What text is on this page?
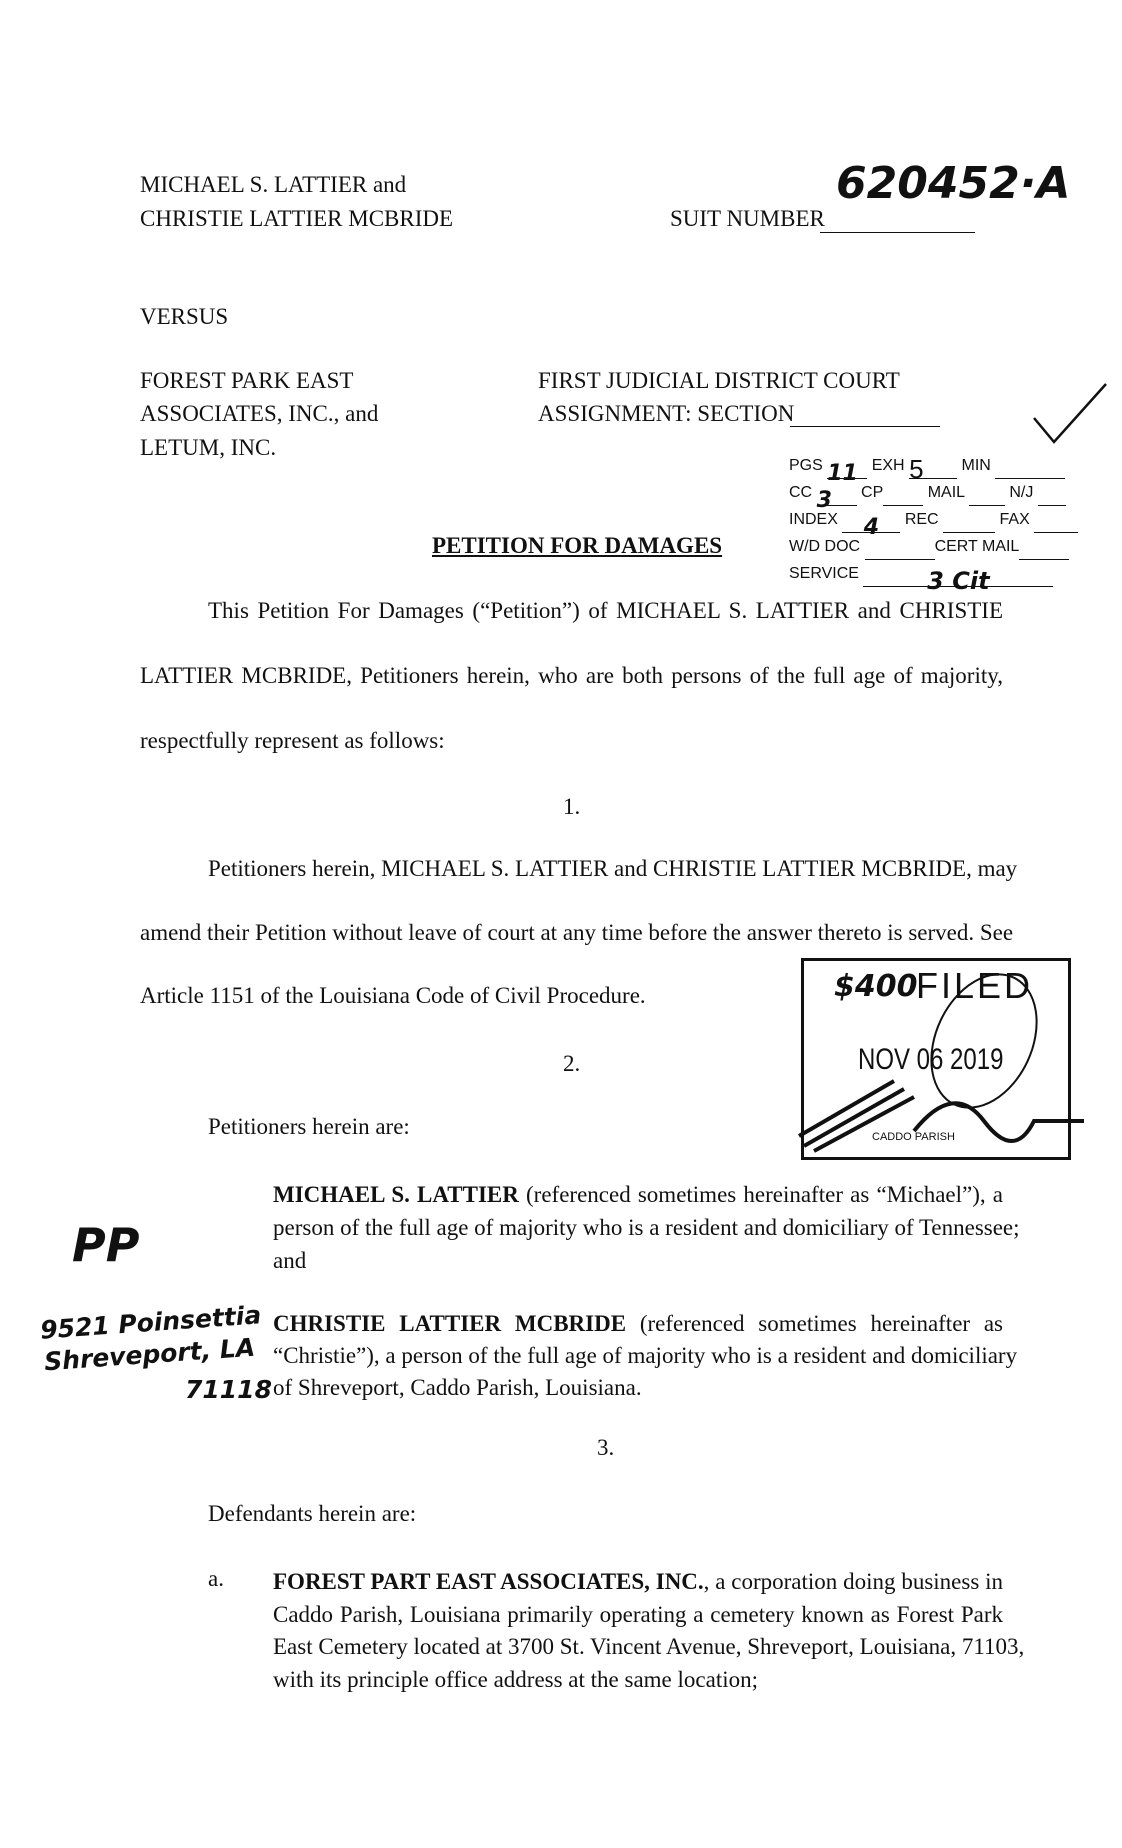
MICHAEL S. LATTIER and
CHRISTIE LATTIER MCBRIDE	SUIT NUMBER
620452·A
VERSUS
FOREST PARK EAST
ASSOCIATES, INC., and
LETUM, INC.
FIRST JUDICIAL DISTRICT COURT
ASSIGNMENT: SECTION
PGS 11 EXH 5 MIN
CC 3 CP	MAIL	N/J
INDEX 4 REC	FAX
W/D DOC	CERT MAIL
SERVICE	3 Cit
PETITION FOR DAMAGES
This Petition For Damages (“Petition”) of MICHAEL S. LATTIER and CHRISTIE
LATTIER MCBRIDE, Petitioners herein, who are both persons of the full age of majority,
respectfully represent as follows:
1.
Petitioners herein, MICHAEL S. LATTIER and CHRISTIE LATTIER MCBRIDE, may
amend their Petition without leave of court at any time before the answer thereto is served. See
Article 1151 of the Louisiana Code of Civil Procedure.	$400
FILED
NOV 06 2019
CADDO PARISH
2.
Petitioners herein are:
MICHAEL S. LATTIER (referenced sometimes hereinafter as “Michael”), a
person of the full age of majority who is a resident and domiciliary of Tennessee;
and
CHRISTIE LATTIER MCBRIDE (referenced sometimes hereinafter as
“Christie”), a person of the full age of majority who is a resident and domiciliary
of Shreveport, Caddo Parish, Louisiana.
PP
9521 Poinsettia
Shreveport, LA
71118
3.
Defendants herein are:
a. FOREST PART EAST ASSOCIATES, INC., a corporation doing business in
Caddo Parish, Louisiana primarily operating a cemetery known as Forest Park
East Cemetery located at 3700 St. Vincent Avenue, Shreveport, Louisiana, 71103,
with its principle office address at the same location;
